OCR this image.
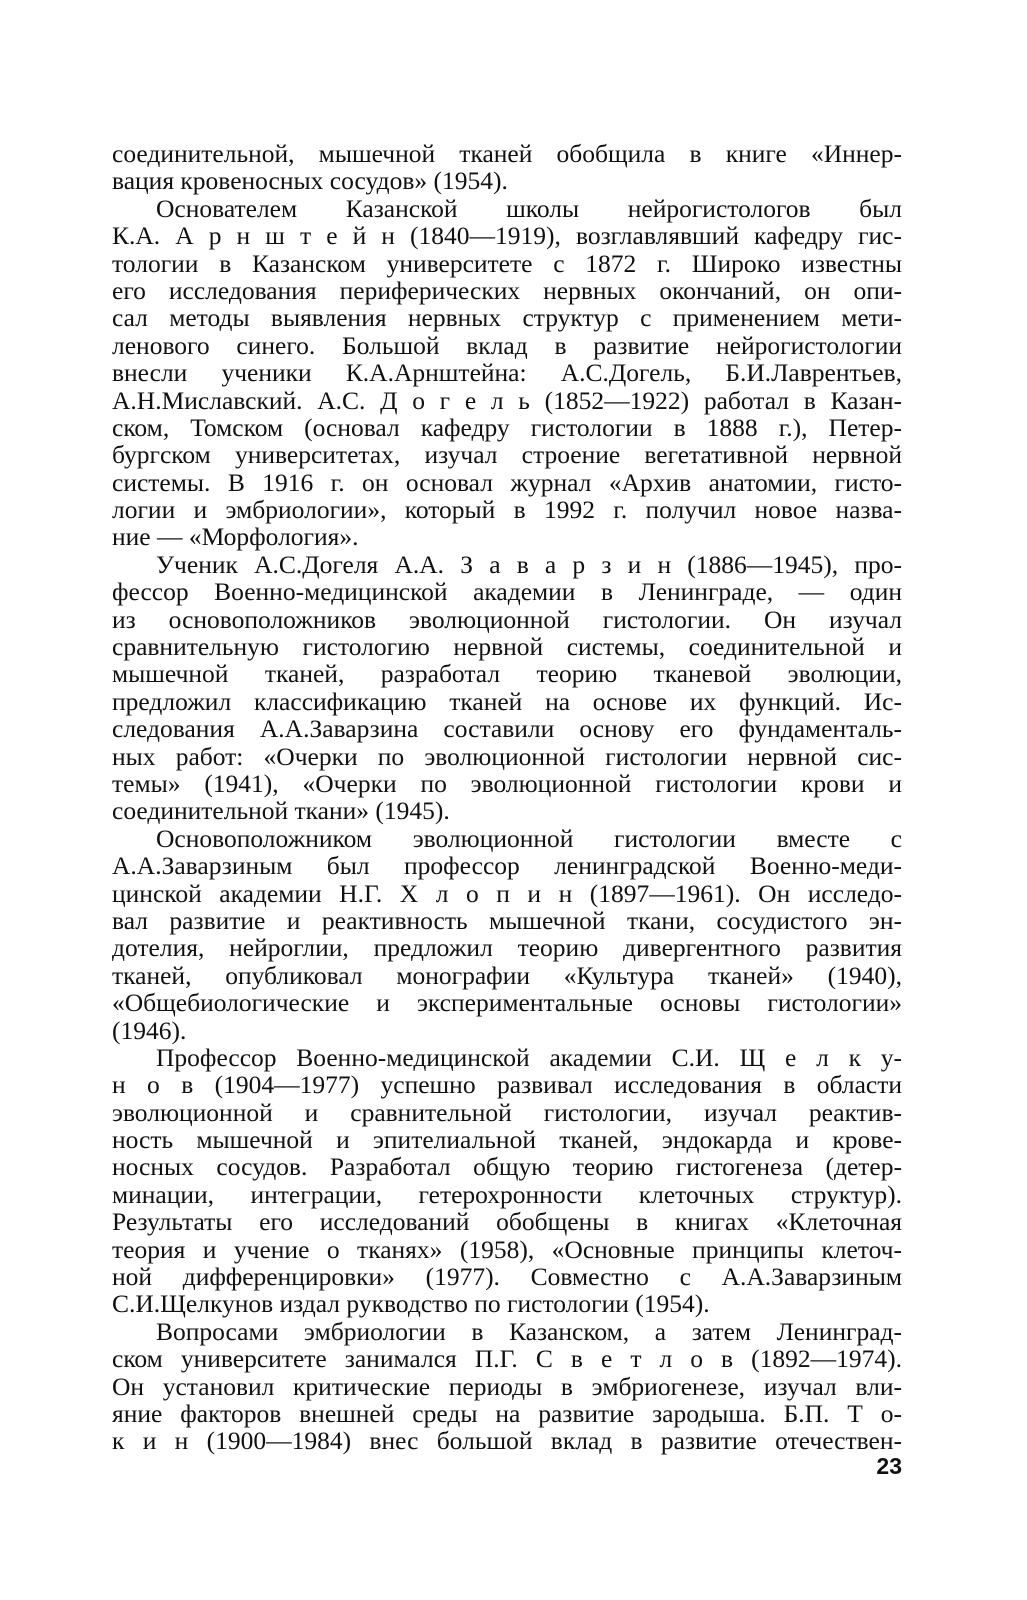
соединительной, мышечной тканей обобщила в книге «Иннер-
вация кровеносных сосудов» (1954).
Основателем Казанской школы нейрогистологов был
К.А. А р н ш т е й н (1840—1919), возглавлявший кафедру гис-
тологии в Казанском университете с 1872 г. Широко известны
его исследования периферических нервных окончаний, он опи-
сал методы выявления нервных структур с применением мети-
ленового синего. Большой вклад в развитие нейрогистологии
внесли ученики К.А.Арнштейна: А.С.Догель, Б.И.Лаврентьев,
А.Н.Миславский. А.С. Д о г е л ь (1852—1922) работал в Казан-
ском, Томском (основал кафедру гистологии в 1888 г.), Петер-
бургском университетах, изучал строение вегетативной нервной
системы. В 1916 г. он основал журнал «Архив анатомии, гисто-
логии и эмбриологии», который в 1992 г. получил новое назва-
ние — «Морфология».
Ученик А.С.Догеля А.А. З а в а р з и н (1886—1945), про-
фессор Военно-медицинской академии в Ленинграде, — один
из основоположников эволюционной гистологии. Он изучал
сравнительную гистологию нервной системы, соединительной и
мышечной тканей, разработал теорию тканевой эволюции,
предложил классификацию тканей на основе их функций. Ис-
следования А.А.Заварзина составили основу его фундаменталь-
ных работ: «Очерки по эволюционной гистологии нервной сис-
темы» (1941), «Очерки по эволюционной гистологии крови и
соединительной ткани» (1945).
Основоположником эволюционной гистологии вместе с
А.А.Заварзиным был профессор ленинградской Военно-меди-
цинской академии Н.Г. Х л о п и н (1897—1961). Он исследо-
вал развитие и реактивность мышечной ткани, сосудистого эн-
дотелия, нейроглии, предложил теорию дивергентного развития
тканей, опубликовал монографии «Культура тканей» (1940),
«Общебиологические и экспериментальные основы гистологии»
(1946).
Профессор Военно-медицинской академии С.И. Щ е л к у-
н о в (1904—1977) успешно развивал исследования в области
эволюционной и сравнительной гистологии, изучал реактив-
ность мышечной и эпителиальной тканей, эндокарда и крове-
носных сосудов. Разработал общую теорию гистогенеза (детер-
минации, интеграции, гетерохронности клеточных структур).
Результаты его исследований обобщены в книгах «Клеточная
теория и учение о тканях» (1958), «Основные принципы клеточ-
ной дифференцировки» (1977). Совместно с А.А.Заварзиным
С.И.Щелкунов издал рукводство по гистологии (1954).
Вопросами эмбриологии в Казанском, а затем Ленинград-
ском университете занимался П.Г. С в е т л о в (1892—1974).
Он установил критические периоды в эмбриогенезе, изучал вли-
яние факторов внешней среды на развитие зародыша. Б.П. Т о-
к и н (1900—1984) внес большой вклад в развитие отечествен-
23
